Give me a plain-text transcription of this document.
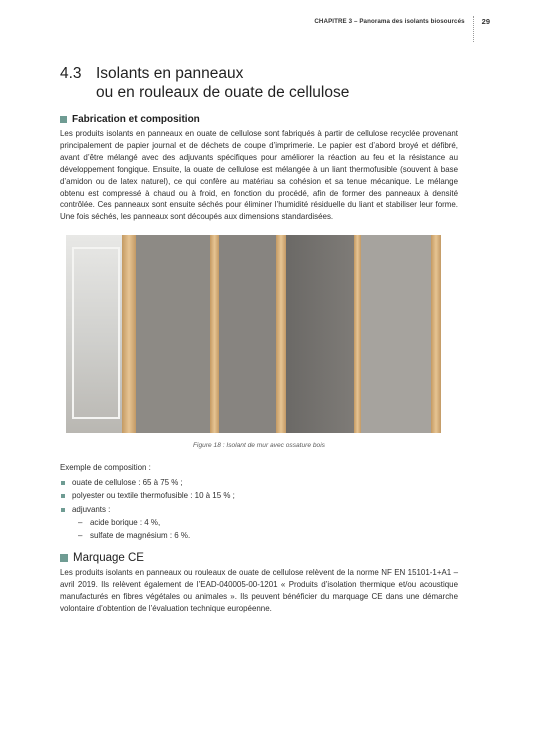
CHAPITRE 3 – Panorama des isolants biosourcés 29
4.3 Isolants en panneaux
ou en rouleaux de ouate de cellulose
Fabrication et composition
Les produits isolants en panneaux en ouate de cellulose sont fabriqués à partir de cellulose recyclée provenant principalement de papier journal et de déchets de coupe d’imprimerie. Le papier est d’abord broyé et défibré, avant d’être mélangé avec des adjuvants spécifiques pour améliorer la réaction au feu et la résistance au développement fongique. Ensuite, la ouate de cellulose est mélangée à un liant thermofusible (souvent à base d’amidon ou de latex naturel), ce qui confère au matériau sa cohésion et sa tenue mécanique. Le mélange obtenu est compressé à chaud ou à froid, en fonction du procédé, afin de former des panneaux à densité contrôlée. Ces panneaux sont ensuite séchés pour éliminer l’humidité résiduelle du liant et stabiliser leur forme. Une fois séchés, les panneaux sont découpés aux dimensions standardisées.
Figure 18 : Isolant de mur avec ossature bois
Exemple de composition :
ouate de cellulose : 65 à 75 % ;
polyester ou textile thermofusible : 10 à 15 % ;
adjuvants :
– acide borique : 4 %,
– sulfate de magnésium : 6 %.
Marquage CE
Les produits isolants en panneaux ou rouleaux de ouate de cellulose relèvent de la norme NF EN 15101-1+A1 – avril 2019. Ils relèvent également de l’EAD-040005-00-1201 « Produits d’isolation thermique et/ou acoustique manufacturés en fibres végétales ou animales ». Ils peuvent bénéficier du marquage CE dans une démarche volontaire d’obtention de l’évaluation technique européenne.
